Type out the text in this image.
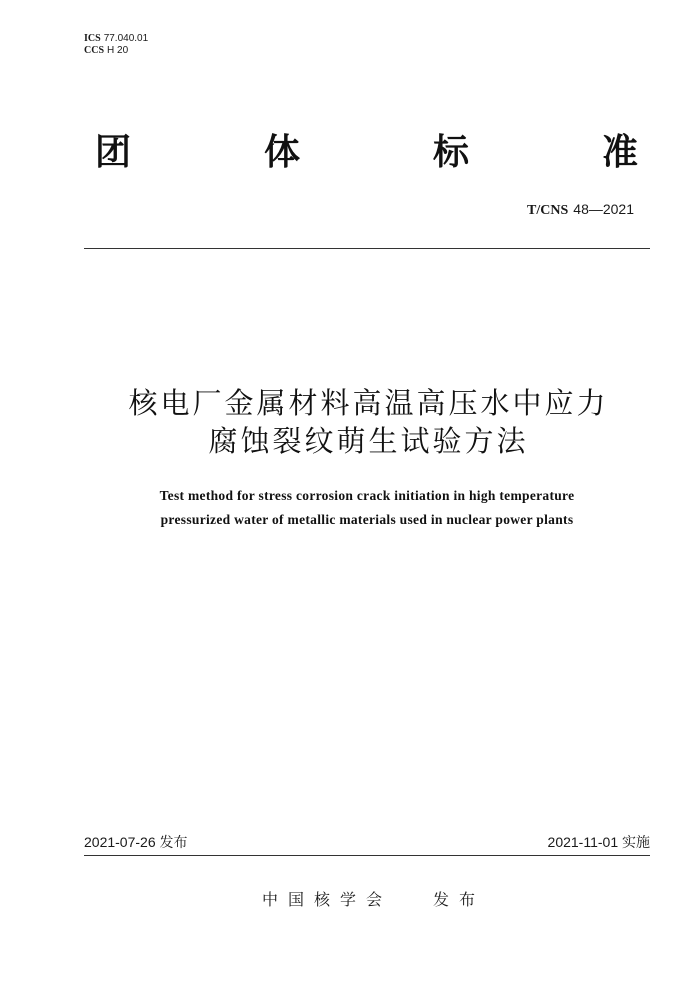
ICS 77.040.01
CCS H 20
团	体	标	准
T/CNS 48—2021
核电厂金属材料高温高压水中应力
腐蚀裂纹萌生试验方法
Test method for stress corrosion crack initiation in high temperature
pressurized water of metallic materials used in nuclear power plants
2021-07-26 发布	2021-11-01 实施
中国核学会	发布
